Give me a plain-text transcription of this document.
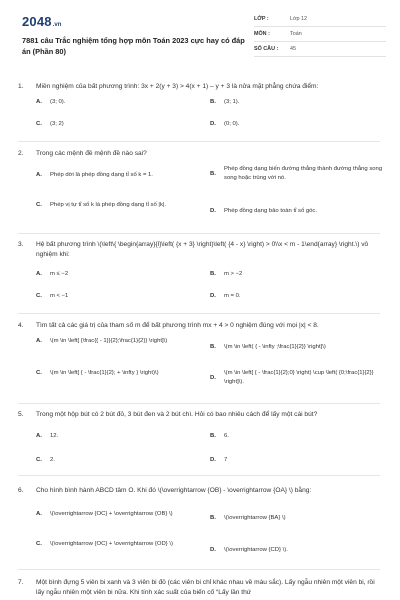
2048 .vn
7881 câu Trắc nghiệm tổng hợp môn Toán 2023 cực hay có đáp án (Phần 80)
LỚP :	Lớp 12
MÔN :	Toán
SỐ CÂU :	45
1.	Miền nghiệm của bất phương trình: 3x + 2(y + 3) > 4(x + 1) – y + 3 là nửa mặt phẳng chứa điểm:
A.	(3; 0).	B.	(3; 1).
C.	(3; 2)	D.	(0; 0).
2.	Trong các mệnh đề mệnh đề nào sai?
A.	Phép dời là phép đồng dạng tỉ số k = 1.	B.
Phép đồng dạng biến đường thẳng thành đường thẳng song song hoặc trùng với nó.
C.	Phép vị tự tỉ số k là phép đồng dạng tỉ số |k|.
D.	Phép đồng dạng bảo toàn tỉ số góc.
3.	Hệ bất phương trình \(\left\{ \begin{array}{l}\left( {x + 3} \right)\left( {4 - x} \right) > 0\\x < m - 1\end{array} \right.\) vô nghiệm khi:
A.	m ≤ −2	B.	m > −2
C.	m < −1	D.	m = 0.
4.	Tìm tất cả các giá trị của tham số m để bất phương trình mx + 4 > 0 nghiệm đúng với mọi |x| < 8.
A.	\(m \in \left[ {\frac{{ - 1}}{2};\frac{1}{2}} \right]\)
B.	\(m \in \left( { - \infty ;\frac{1}{2}} \right]\)
C.	\(m \in \left[ { - \frac{1}{2}; + \infty } \right)\)
D.
\(m \in \left[ { - \frac{1}{2};0} \right) \cup \left( {0;\frac{1}{2}} \right]\).
5.	Trong một hộp bút có 2 bút đỏ, 3 bút đen và 2 bút chì. Hỏi có bao nhiêu cách để lấy một cái bút?
A.	12.	B.	6.
C.	2.	D.	7
6.	Cho hình bình hành ABCD tâm O. Khi đó \(\overrightarrow {OB} - \overrightarrow {OA} \) bằng:
A.	\(\overrightarrow {OC} + \overrightarrow {OB} \)
B.	\(\overrightarrow {BA} \)
C.	\(\overrightarrow {OC} + \overrightarrow {OD} \)
D.	\(\overrightarrow {CD} \).
7.	Một bình đựng 5 viên bi xanh và 3 viên bi đỏ (các viên bi chỉ khác nhau về màu sắc). Lấy ngẫu nhiên một viên bi, rồi lấy ngẫu nhiên một viên bi nữa. Khi tính xác suất của biến cố “Lấy lần thứ
